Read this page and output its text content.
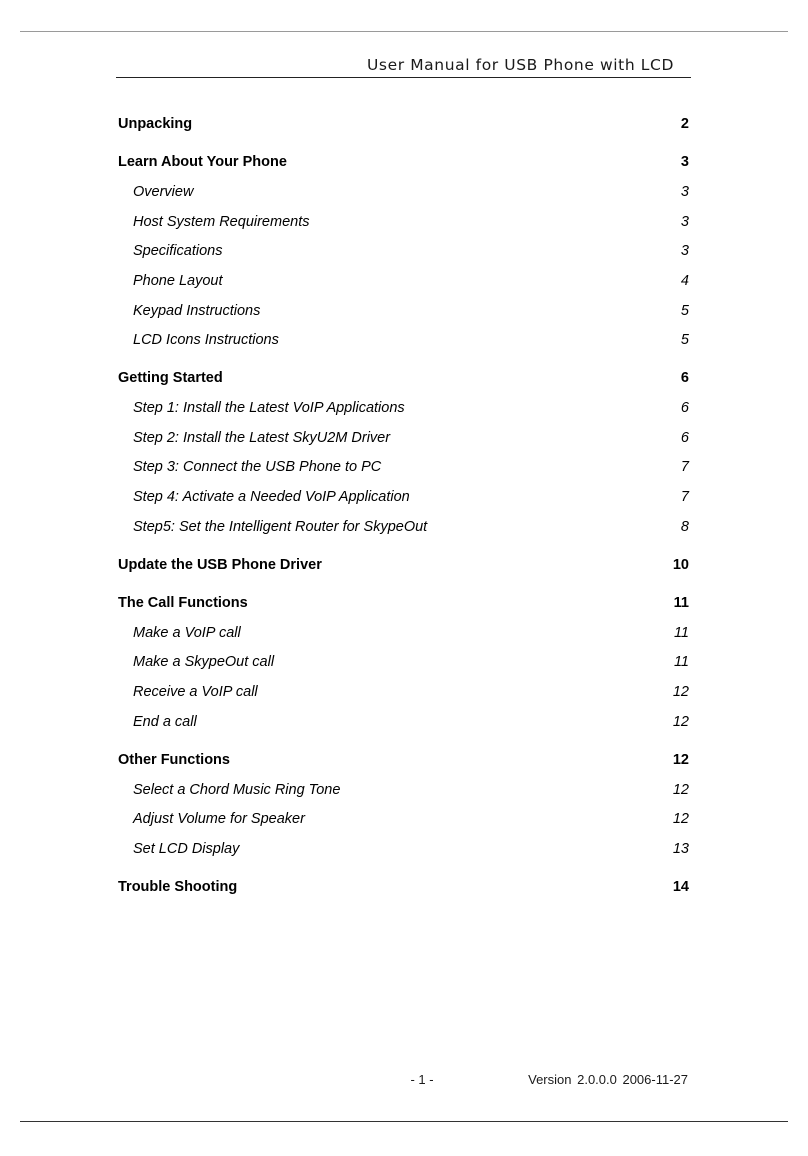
User Manual for USB Phone with LCD
Unpacking	2
Learn About Your Phone	3
Overview	3
Host System Requirements	3
Specifications	3
Phone Layout	4
Keypad Instructions	5
LCD Icons Instructions	5
Getting Started	6
Step 1: Install the Latest VoIP Applications	6
Step 2: Install the Latest SkyU2M Driver	6
Step 3: Connect the USB Phone to PC	7
Step 4: Activate a Needed VoIP Application	7
Step5: Set the Intelligent Router for SkypeOut	8
Update the USB Phone Driver	10
The Call Functions	11
Make a VoIP call	11
Make a SkypeOut call	11
Receive a VoIP call	12
End a call	12
Other Functions	12
Select a Chord Music Ring Tone	12
Adjust Volume for Speaker	12
Set LCD Display	13
Trouble Shooting	14
- 1 -	Version 2.0.0.0 2006-11-27
